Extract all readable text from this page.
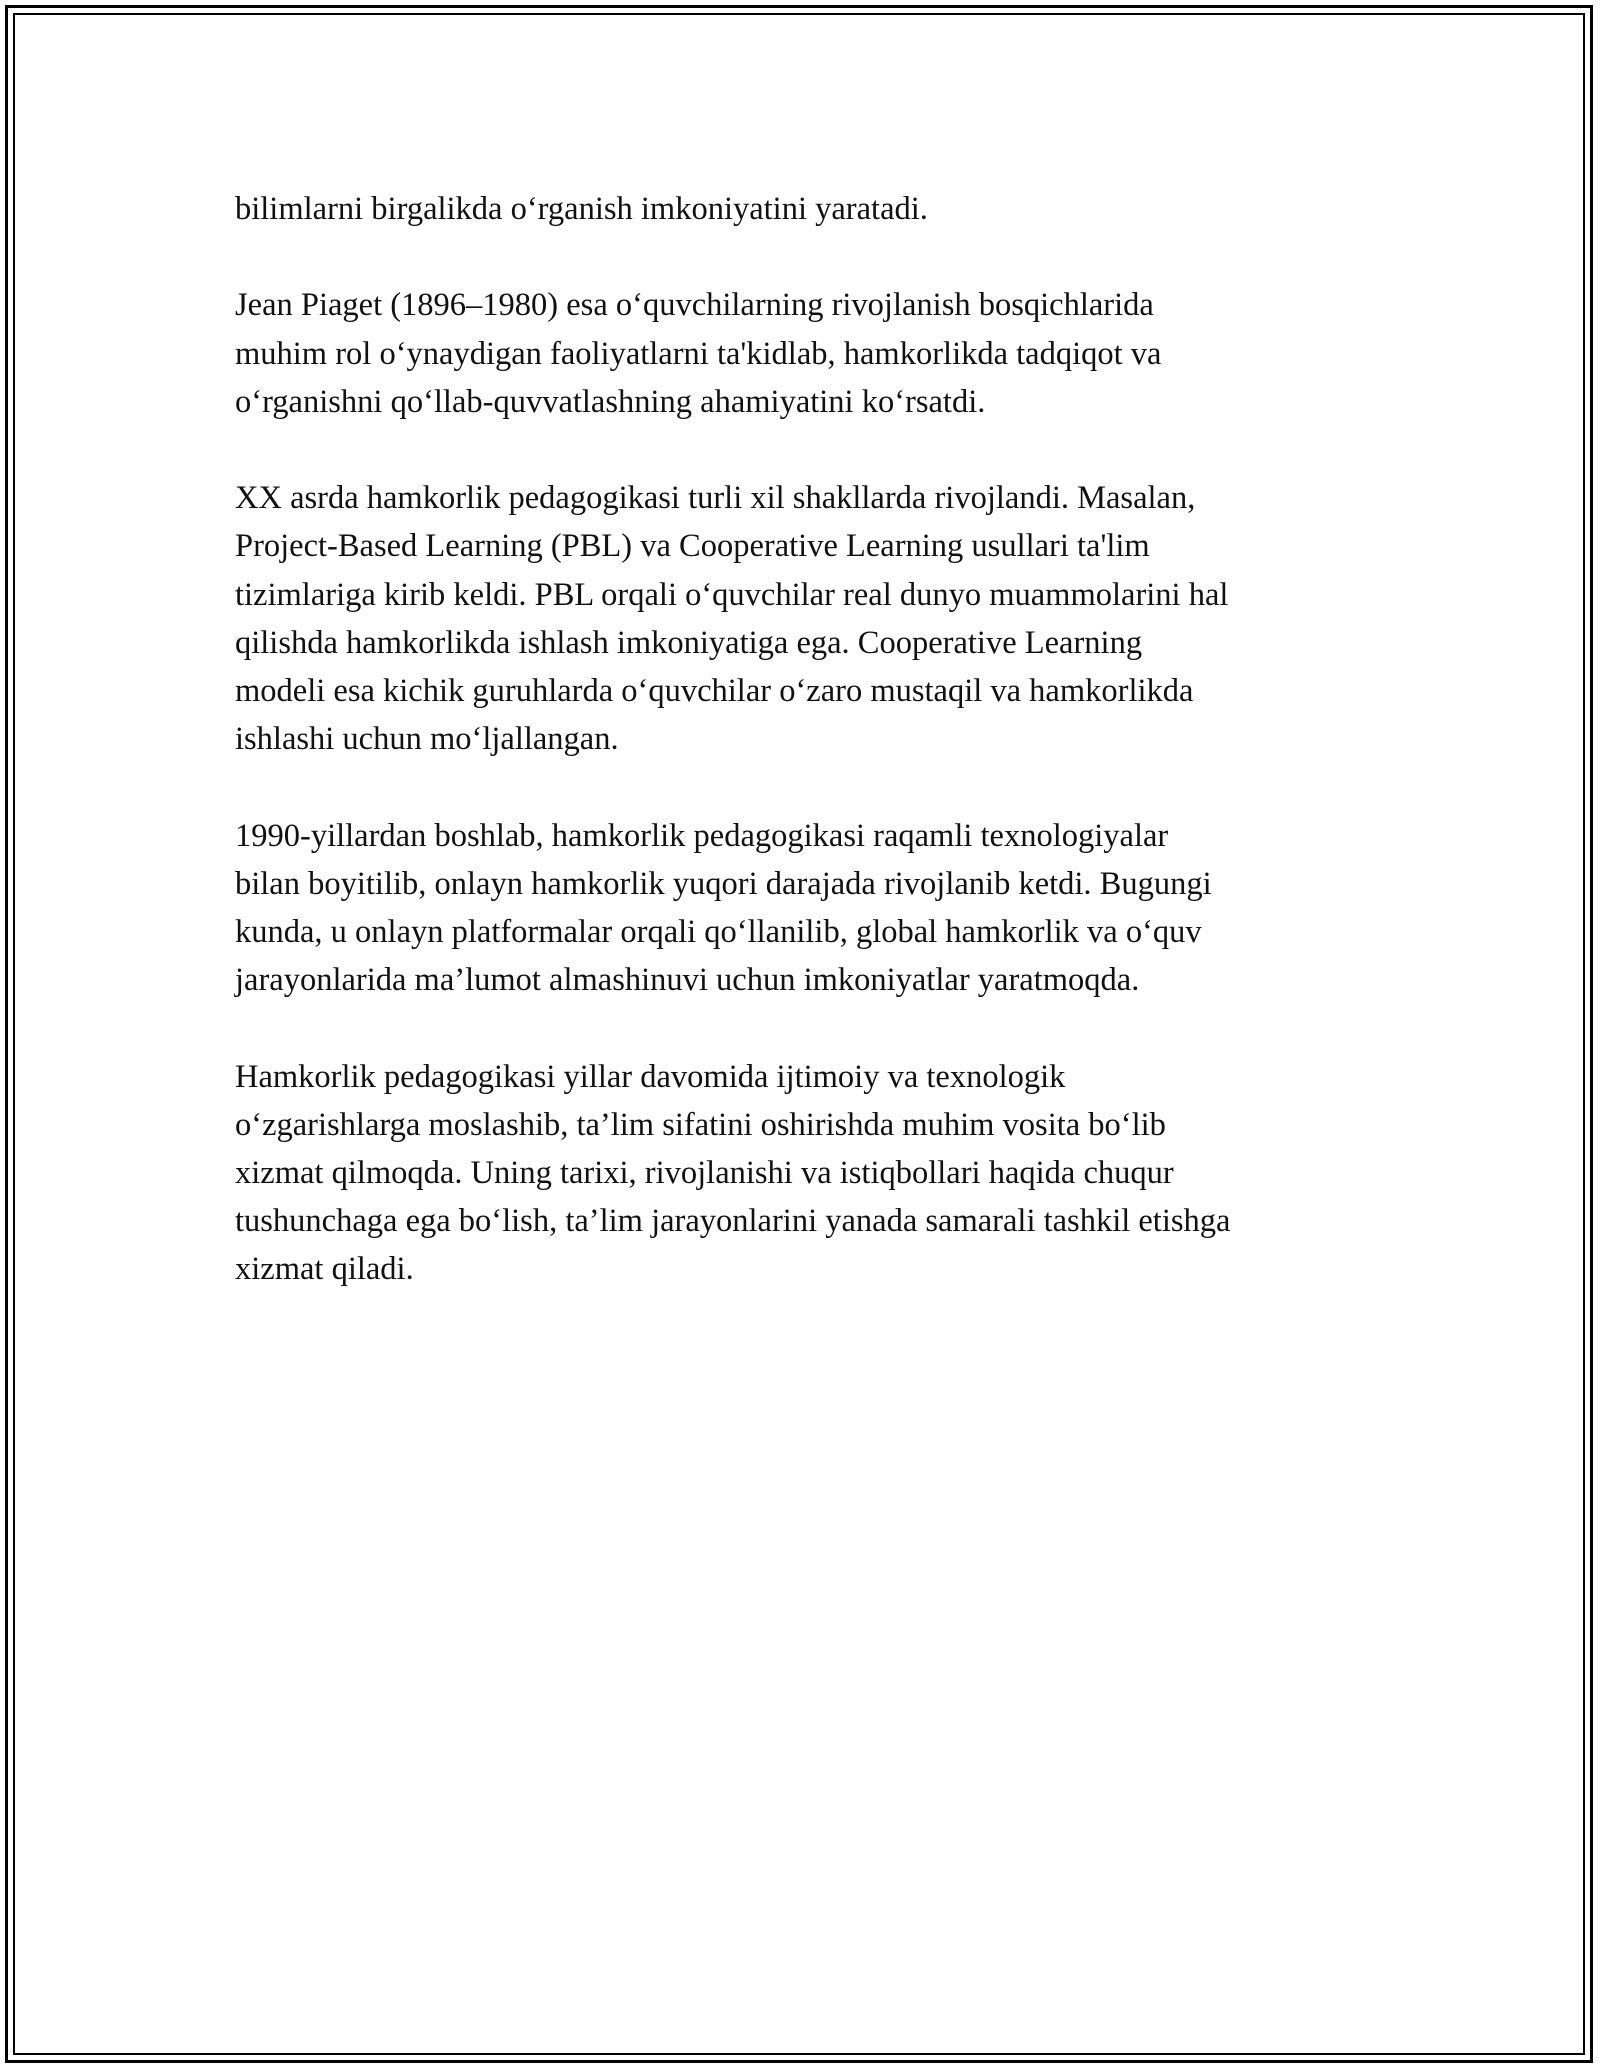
bilimlarni birgalikda o‘rganish imkoniyatini yaratadi.

Jean Piaget (1896–1980) esa o‘quvchilarning rivojlanish bosqichlarida
muhim rol o‘ynaydigan faoliyatlarni ta'kidlab, hamkorlikda tadqiqot va
o‘rganishni qo‘llab-quvvatlashning ahamiyatini ko‘rsatdi.

XX asrda hamkorlik pedagogikasi turli xil shakllarda rivojlandi. Masalan,
Project-Based Learning (PBL) va Cooperative Learning usullari ta'lim
tizimlariga kirib keldi. PBL orqali o‘quvchilar real dunyo muammolarini hal
qilishda hamkorlikda ishlash imkoniyatiga ega. Cooperative Learning
modeli esa kichik guruhlarda o‘quvchilar o‘zaro mustaqil va hamkorlikda
ishlashi uchun mo‘ljallangan.

1990-yillardan boshlab, hamkorlik pedagogikasi raqamli texnologiyalar
bilan boyitilib, onlayn hamkorlik yuqori darajada rivojlanib ketdi. Bugungi
kunda, u onlayn platformalar orqali qo‘llanilib, global hamkorlik va o‘quv
jarayonlarida ma’lumot almashinuvi uchun imkoniyatlar yaratmoqda.

Hamkorlik pedagogikasi yillar davomida ijtimoiy va texnologik
o‘zgarishlarga moslashib, ta’lim sifatini oshirishda muhim vosita bo‘lib
xizmat qilmoqda. Uning tarixi, rivojlanishi va istiqbollari haqida chuqur
tushunchaga ega bo‘lish, ta’lim jarayonlarini yanada samarali tashkil etishga
xizmat qiladi.
